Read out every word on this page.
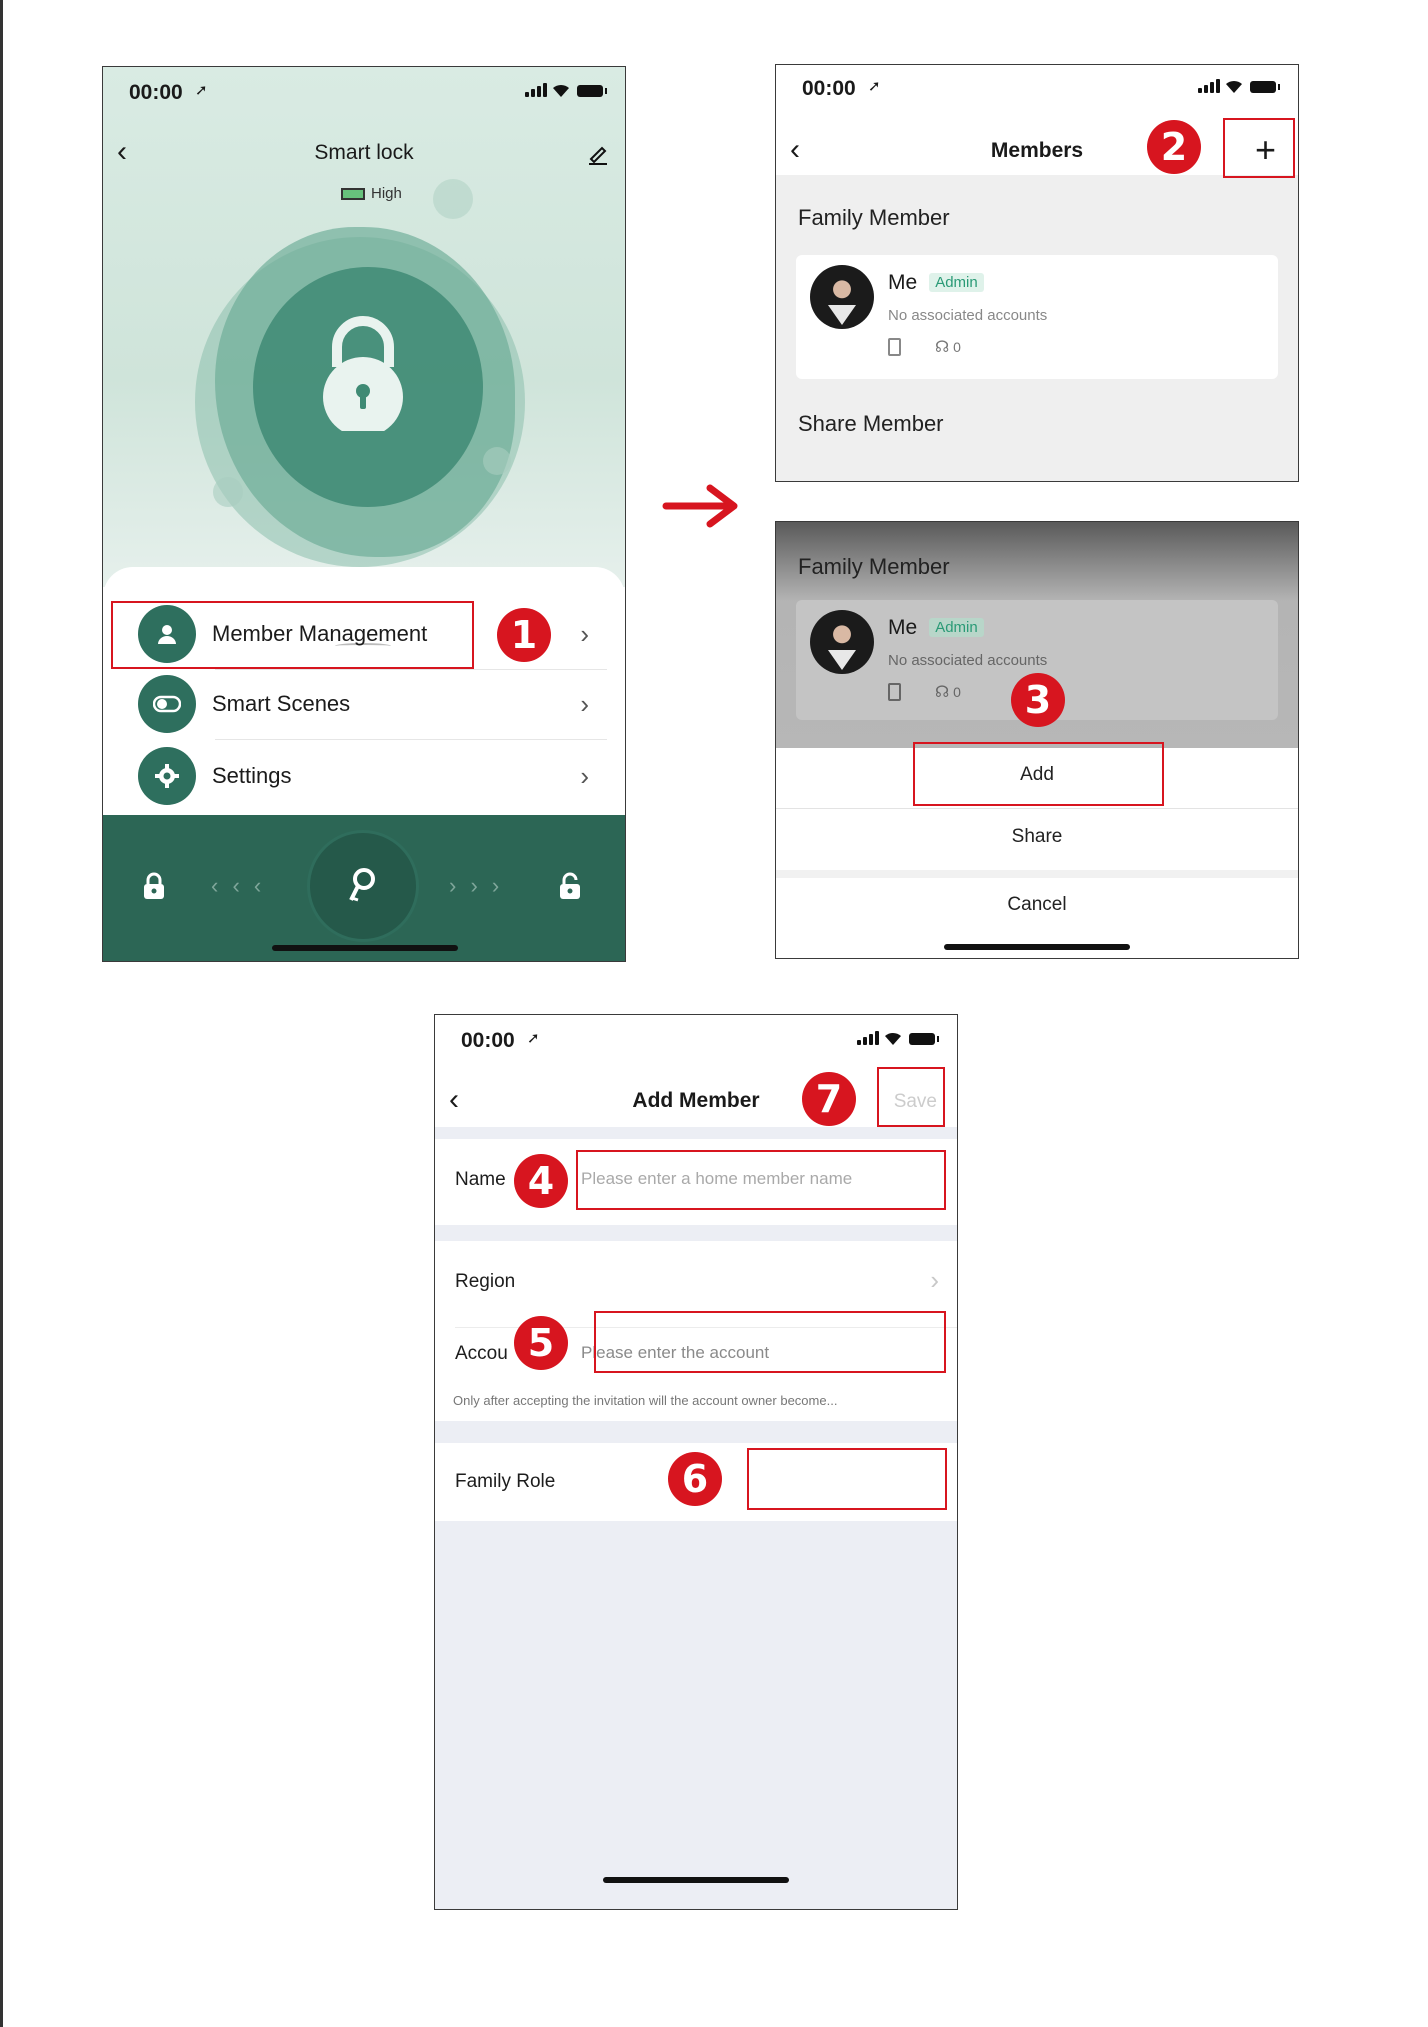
00:00 ➚
‹	Smart lock
High
Member Management	›
Smart Scenes	›
Settings	›
‹ ‹ ‹	› › ›
1
00:00 ➚
‹	Members	+
Family Member
Me Admin
No associated accounts
☊ 0
Share Member
2
Family Member
Me Admin
No associated accounts
☊ 0
Add
Share
Cancel
3
00:00 ➚
‹	Add Member	Save
Name	Please enter a home member name
Region	›
Accou	Please enter the account
Only after accepting the invitation will the account owner become...
Family Role
7
4
5
6
